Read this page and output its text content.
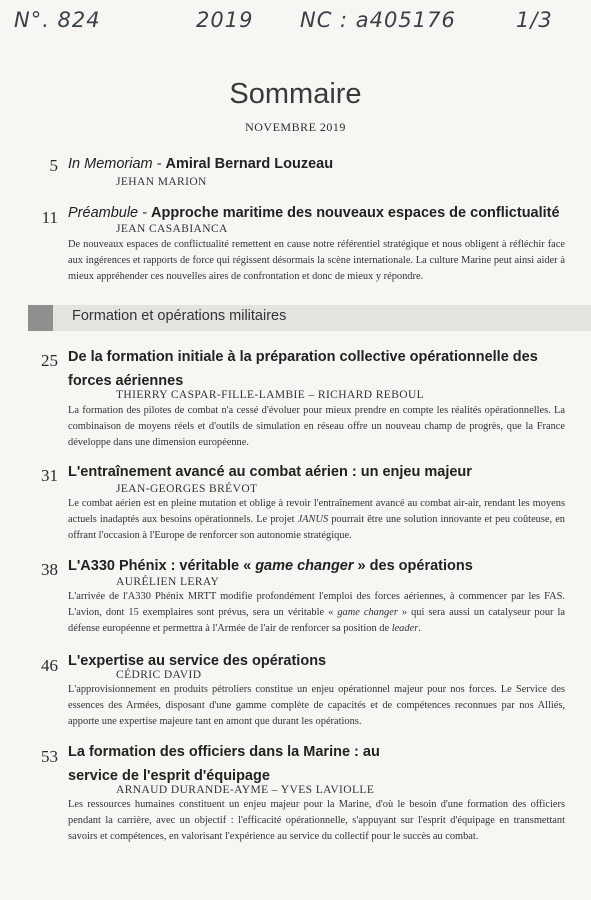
N°. 824	2019 NC : a405176	1/3
Sommaire
NOVEMBRE 2019
5 In Memoriam - Amiral Bernard Louzeau
JEHAN MARION
11 Préambule - Approche maritime des nouveaux espaces de conflictualité
JEAN CASABIANCA
De nouveaux espaces de conflictualité remettent en cause notre référentiel stratégique et nous obligent à réfléchir face aux ingérences et rapports de force qui régissent désormais la scène internationale. La culture Marine peut ainsi aider à mieux appréhender ces nouvelles aires de confrontation et donc de mieux y répondre.
Formation et opérations militaires
25 De la formation initiale à la préparation collective opérationnelle des forces aériennes
THIERRY CASPAR-FILLE-LAMBIE – RICHARD REBOUL
La formation des pilotes de combat n'a cessé d'évoluer pour mieux prendre en compte les réalités opérationnelles. La combinaison de moyens réels et d'outils de simulation en réseau offre un nouveau champ de progrès, que la France développe dans une dimension européenne.
31 L'entraînement avancé au combat aérien : un enjeu majeur
JEAN-GEORGES BRÉVOT
Le combat aérien est en pleine mutation et oblige à revoir l'entraînement avancé au combat air-air, rendant les moyens actuels inadaptés aux besoins opérationnels. Le projet JANUS pourrait être une solution innovante et peu coûteuse, en offrant l'occasion à l'Europe de renforcer son autonomie stratégique.
38 L'A330 Phénix : véritable « game changer » des opérations
AURÉLIEN LERAY
L'arrivée de l'A330 Phénix MRTT modifie profondément l'emploi des forces aériennes, à commencer par les FAS. L'avion, dont 15 exemplaires sont prévus, sera un véritable « game changer » qui sera aussi un catalyseur pour la défense européenne et permettra à l'Armée de l'air de renforcer sa position de leader.
46 L'expertise au service des opérations
CÉDRIC DAVID
L'approvisionnement en produits pétroliers constitue un enjeu opérationnel majeur pour nos forces. Le Service des essences des Armées, disposant d'une gamme complète de capacités et de compétences reconnues par nos Alliés, apporte une expertise majeure tant en amont que durant les opérations.
53 La formation des officiers dans la Marine : au service de l'esprit d'équipage
ARNAUD DURANDE-AYME – YVES LAVIOLLE
Les ressources humaines constituent un enjeu majeur pour la Marine, d'où le besoin d'une formation des officiers pendant la carrière, avec un objectif : l'efficacité opérationnelle, s'appuyant sur l'esprit d'équipage en transmettant savoirs et compétences, en valorisant l'expérience au service du collectif pour le succès au combat.
